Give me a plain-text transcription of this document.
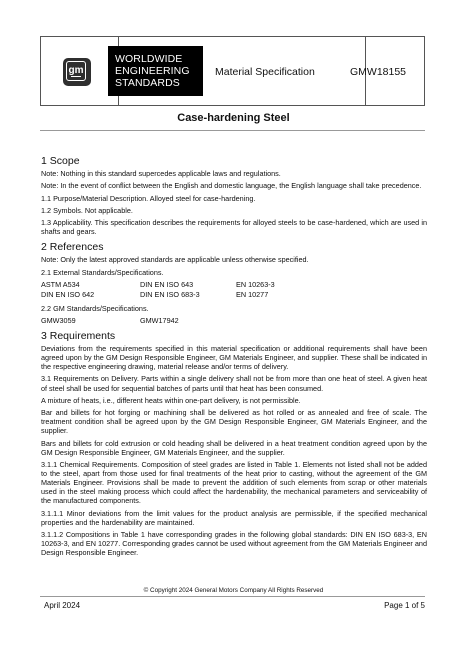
gm
WORLDWIDE
ENGINEERING
STANDARDS
Material Specification	GMW18155
Case-hardening Steel
1 Scope

Note: Nothing in this standard supercedes applicable laws and regulations.

Note: In the event of conflict between the English and domestic language, the English language shall take precedence.

1.1 Purpose/Material Description. Alloyed steel for case-hardening.

1.2 Symbols. Not applicable.

1.3 Applicability. This specification describes the requirements for alloyed steels to be case-hardened, which are used in shafts and gears.

2 References

Note: Only the latest approved standards are applicable unless otherwise specified.

2.1 External Standards/Specifications.

ASTM A534	DIN EN ISO 643	EN 10263-3
DIN EN ISO 642	DIN EN ISO 683-3	EN 10277

2.2 GM Standards/Specifications.

GMW3059	GMW17942
3 Requirements

Deviations from the requirements specified in this material specification or additional requirements shall have been agreed upon by the GM Design Responsible Engineer, GM Materials Engineer, and supplier. These shall be indicated in the respective engineering drawing, material release and/or terms of delivery.

3.1 Requirements on Delivery. Parts within a single delivery shall not be from more than one heat of steel. A given heat of steel shall be used for sequential batches of parts until that heat has been consumed.

A mixture of heats, i.e., different heats within one-part delivery, is not permissible.

Bar and billets for hot forging or machining shall be delivered as hot rolled or as annealed and free of scale. The treatment condition shall be agreed upon by the GM Design Responsible Engineer, GM Materials Engineer, and the supplier.

Bars and billets for cold extrusion or cold heading shall be delivered in a heat treatment condition agreed upon by the GM Design Responsible Engineer, GM Materials Engineer, and the supplier.

3.1.1 Chemical Requirements. Composition of steel grades are listed in Table 1. Elements not listed shall not be added to the steel, apart from those used for final treatments of the heat prior to casting, without the agreement of the GM Materials Engineer. Provisions shall be made to prevent the addition of such elements from scrap or other materials used in the steel making process which could affect the hardenability, the mechanical parameters and serviceability of the manufactured components.

3.1.1.1 Minor deviations from the limit values for the product analysis are permissible, if the specified mechanical properties and the hardenability are maintained.

3.1.1.2 Compositions in Table 1 have corresponding grades in the following global standards: DIN EN ISO 683-3, EN 10263-3, and EN 10277. Corresponding grades cannot be used without agreement from the GM Materials Engineer and Design Responsible Engineer.

© Copyright 2024 General Motors Company All Rights Reserved
April 2024	Page 1 of 5
